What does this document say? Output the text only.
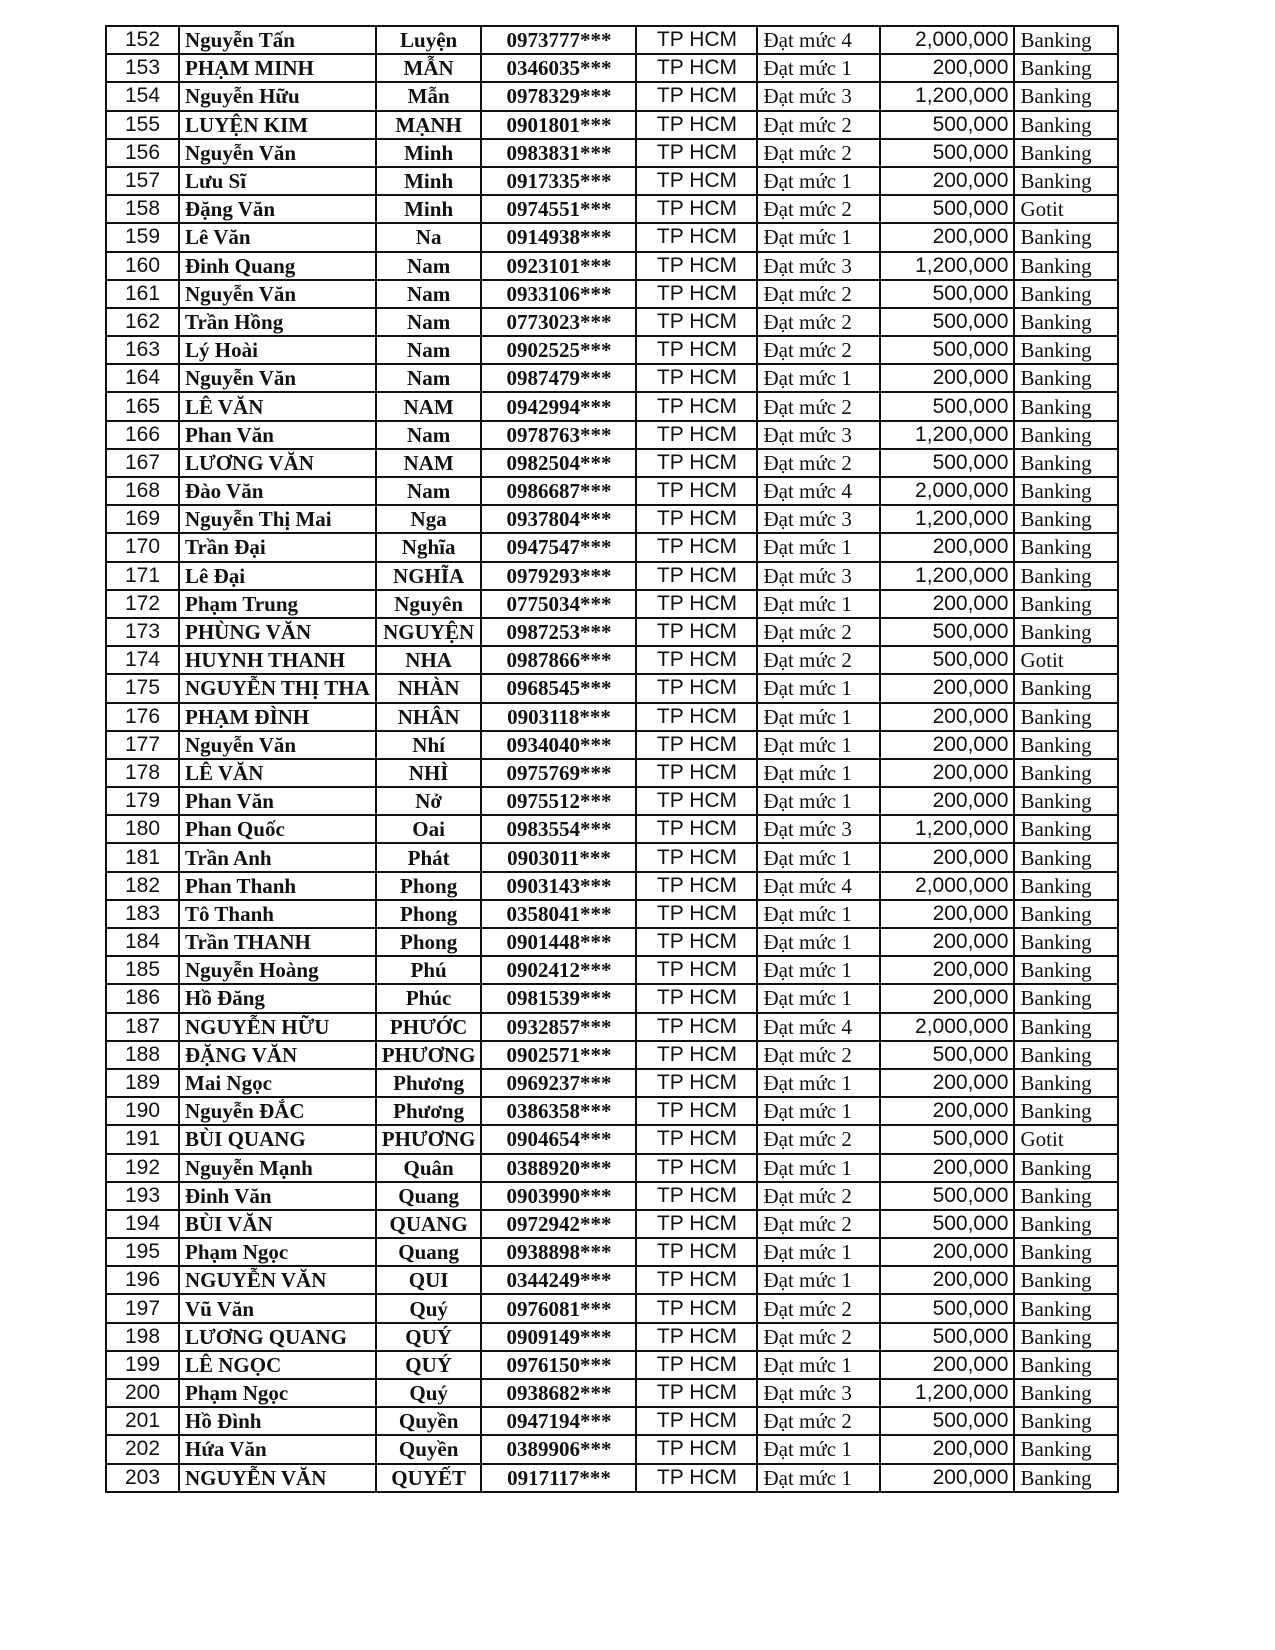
152	Nguyễn Tấn	Luyện	0973777***	TP HCM	Đạt mức 4	2,000,000	Banking
153	PHẠM MINH	MẪN	0346035***	TP HCM	Đạt mức 1	200,000	Banking
154	Nguyễn Hữu	Mẫn	0978329***	TP HCM	Đạt mức 3	1,200,000	Banking
155	LUYỆN KIM	MẠNH	0901801***	TP HCM	Đạt mức 2	500,000	Banking
156	Nguyễn Văn	Minh	0983831***	TP HCM	Đạt mức 2	500,000	Banking
157	Lưu Sĩ	Minh	0917335***	TP HCM	Đạt mức 1	200,000	Banking
158	Đặng Văn	Minh	0974551***	TP HCM	Đạt mức 2	500,000	Gotit
159	Lê Văn	Na	0914938***	TP HCM	Đạt mức 1	200,000	Banking
160	Đinh Quang	Nam	0923101***	TP HCM	Đạt mức 3	1,200,000	Banking
161	Nguyễn Văn	Nam	0933106***	TP HCM	Đạt mức 2	500,000	Banking
162	Trần Hồng	Nam	0773023***	TP HCM	Đạt mức 2	500,000	Banking
163	Lý Hoài	Nam	0902525***	TP HCM	Đạt mức 2	500,000	Banking
164	Nguyễn Văn	Nam	0987479***	TP HCM	Đạt mức 1	200,000	Banking
165	LÊ VĂN	NAM	0942994***	TP HCM	Đạt mức 2	500,000	Banking
166	Phan Văn	Nam	0978763***	TP HCM	Đạt mức 3	1,200,000	Banking
167	LƯƠNG VĂN	NAM	0982504***	TP HCM	Đạt mức 2	500,000	Banking
168	Đào Văn	Nam	0986687***	TP HCM	Đạt mức 4	2,000,000	Banking
169	Nguyễn Thị Mai	Nga	0937804***	TP HCM	Đạt mức 3	1,200,000	Banking
170	Trần Đại	Nghĩa	0947547***	TP HCM	Đạt mức 1	200,000	Banking
171	Lê Đại	NGHĨA	0979293***	TP HCM	Đạt mức 3	1,200,000	Banking
172	Phạm Trung	Nguyên	0775034***	TP HCM	Đạt mức 1	200,000	Banking
173	PHÙNG VĂN	NGUYỆN	0987253***	TP HCM	Đạt mức 2	500,000	Banking
174	HUYNH THANH	NHA	0987866***	TP HCM	Đạt mức 2	500,000	Gotit
175	NGUYỄN THỊ THA	NHÀN	0968545***	TP HCM	Đạt mức 1	200,000	Banking
176	PHẠM ĐÌNH	NHÂN	0903118***	TP HCM	Đạt mức 1	200,000	Banking
177	Nguyễn Văn	Nhí	0934040***	TP HCM	Đạt mức 1	200,000	Banking
178	LÊ VĂN	NHÌ	0975769***	TP HCM	Đạt mức 1	200,000	Banking
179	Phan Văn	Nở	0975512***	TP HCM	Đạt mức 1	200,000	Banking
180	Phan Quốc	Oai	0983554***	TP HCM	Đạt mức 3	1,200,000	Banking
181	Trần Anh	Phát	0903011***	TP HCM	Đạt mức 1	200,000	Banking
182	Phan Thanh	Phong	0903143***	TP HCM	Đạt mức 4	2,000,000	Banking
183	Tô Thanh	Phong	0358041***	TP HCM	Đạt mức 1	200,000	Banking
184	Trần THANH	Phong	0901448***	TP HCM	Đạt mức 1	200,000	Banking
185	Nguyễn Hoàng	Phú	0902412***	TP HCM	Đạt mức 1	200,000	Banking
186	Hồ Đăng	Phúc	0981539***	TP HCM	Đạt mức 1	200,000	Banking
187	NGUYỄN HỮU	PHƯỚC	0932857***	TP HCM	Đạt mức 4	2,000,000	Banking
188	ĐẶNG VĂN	PHƯƠNG	0902571***	TP HCM	Đạt mức 2	500,000	Banking
189	Mai Ngọc	Phương	0969237***	TP HCM	Đạt mức 1	200,000	Banking
190	Nguyễn ĐẮC	Phương	0386358***	TP HCM	Đạt mức 1	200,000	Banking
191	BÙI QUANG	PHƯƠNG	0904654***	TP HCM	Đạt mức 2	500,000	Gotit
192	Nguyễn Mạnh	Quân	0388920***	TP HCM	Đạt mức 1	200,000	Banking
193	Đinh Văn	Quang	0903990***	TP HCM	Đạt mức 2	500,000	Banking
194	BÙI VĂN	QUANG	0972942***	TP HCM	Đạt mức 2	500,000	Banking
195	Phạm Ngọc	Quang	0938898***	TP HCM	Đạt mức 1	200,000	Banking
196	NGUYỄN VĂN	QUI	0344249***	TP HCM	Đạt mức 1	200,000	Banking
197	Vũ Văn	Quý	0976081***	TP HCM	Đạt mức 2	500,000	Banking
198	LƯƠNG QUANG	QUÝ	0909149***	TP HCM	Đạt mức 2	500,000	Banking
199	LÊ NGỌC	QUÝ	0976150***	TP HCM	Đạt mức 1	200,000	Banking
200	Phạm Ngọc	Quý	0938682***	TP HCM	Đạt mức 3	1,200,000	Banking
201	Hồ Đình	Quyền	0947194***	TP HCM	Đạt mức 2	500,000	Banking
202	Hứa Văn	Quyền	0389906***	TP HCM	Đạt mức 1	200,000	Banking
203	NGUYỄN VĂN	QUYẾT	0917117***	TP HCM	Đạt mức 1	200,000	Banking
